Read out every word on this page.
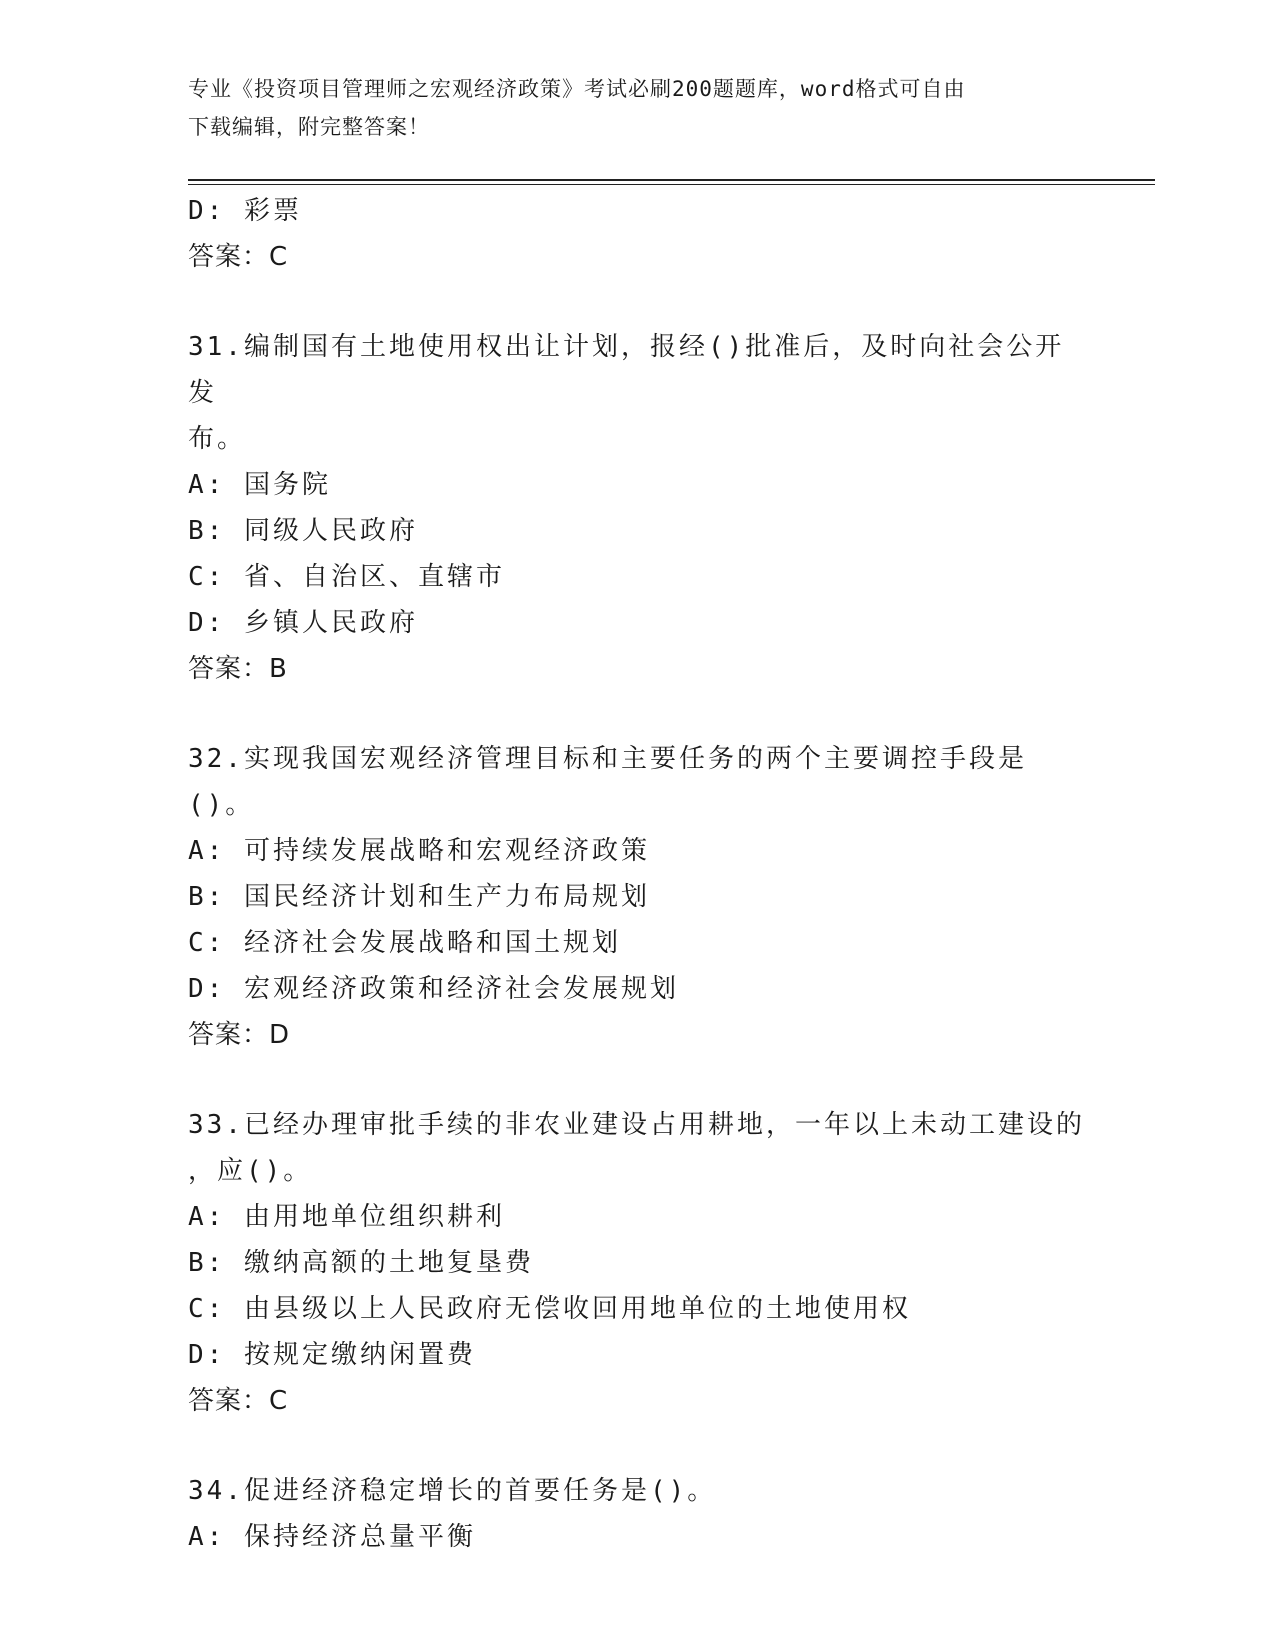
专业《投资项目管理师之宏观经济政策》考试必刷200题题库，word格式可自由
下载编辑，附完整答案！
D: 彩票
答案：C
31.编制国有土地使用权出让计划，报经()批准后，及时向社会公开发
布。
A: 国务院
B: 同级人民政府
C: 省、自治区、直辖市
D: 乡镇人民政府
答案：B
32.实现我国宏观经济管理目标和主要任务的两个主要调控手段是()。
A: 可持续发展战略和宏观经济政策
B: 国民经济计划和生产力布局规划
C: 经济社会发展战略和国土规划
D: 宏观经济政策和经济社会发展规划
答案：D
33.已经办理审批手续的非农业建设占用耕地，一年以上未动工建设的
，应()。
A: 由用地单位组织耕利
B: 缴纳高额的土地复垦费
C: 由县级以上人民政府无偿收回用地单位的土地使用权
D: 按规定缴纳闲置费
答案：C
34.促进经济稳定增长的首要任务是()。
A: 保持经济总量平衡
